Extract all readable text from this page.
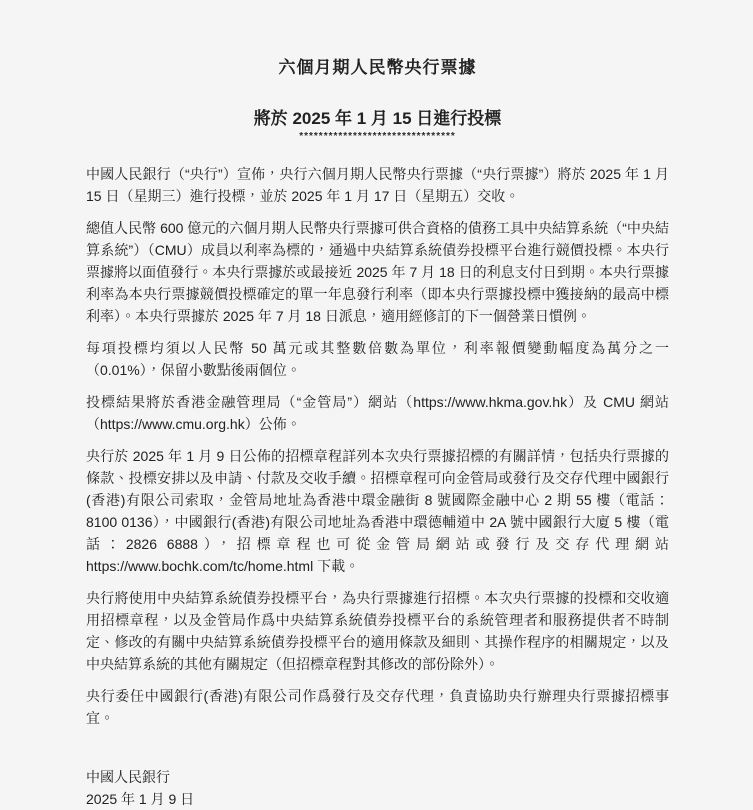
六個月期人民幣央行票據
將於 2025 年 1 月 15 日進行投標
********************************

中國人民銀行（“央行”）宣佈，央行六個月期人民幣央行票據（“央行票據”）將於 2025 年 1 月 15 日（星期三）進行投標，並於 2025 年 1 月 17 日（星期五）交收。

總值人民幣 600 億元的六個月期人民幣央行票據可供合資格的債務工具中央結算系統（“中央結算系統”）（CMU）成員以利率為標的，通過中央結算系統債券投標平台進行競價投標。本央行票據將以面值發行。本央行票據於或最接近 2025 年 7 月 18 日的利息支付日到期。本央行票據利率為本央行票據競價投標確定的單一年息發行利率（即本央行票據投標中獲接納的最高中標利率）。本央行票據於 2025 年 7 月 18 日派息，適用經修訂的下一個營業日慣例。

每項投標均須以人民幣 50 萬元或其整數倍數為單位，利率報價變動幅度為萬分之一（0.01%），保留小數點後兩個位。

投標結果將於香港金融管理局（“金管局”）網站（https://www.hkma.gov.hk）及 CMU 網站（https://www.cmu.org.hk）公佈。

央行於 2025 年 1 月 9 日公佈的招標章程詳列本次央行票據招標的有關詳情，包括央行票據的條款、投標安排以及申請、付款及交收手續。招標章程可向金管局或發行及交存代理中國銀行(香港)有限公司索取，金管局地址為香港中環金融街 8 號國際金融中心 2 期 55 樓（電話：8100 0136），中國銀行(香港)有限公司地址為香港中環德輔道中 2A 號中國銀行大廈 5 樓（電話：2826 6888），招標章程也可從金管局網站或發行及交存代理網站 https://www.bochk.com/tc/home.html 下載。

央行將使用中央結算系統債券投標平台，為央行票據進行招標。本次央行票據的投標和交收適用招標章程，以及金管局作爲中央結算系統債券投標平台的系統管理者和服務提供者不時制定、修改的有關中央結算系統債券投標平台的適用條款及細則、其操作程序的相關規定，以及中央結算系統的其他有關規定（但招標章程對其修改的部份除外）。

央行委任中國銀行(香港)有限公司作爲發行及交存代理，負責協助央行辦理央行票據招標事宜。

中國人民銀行
2025 年 1 月 9 日
